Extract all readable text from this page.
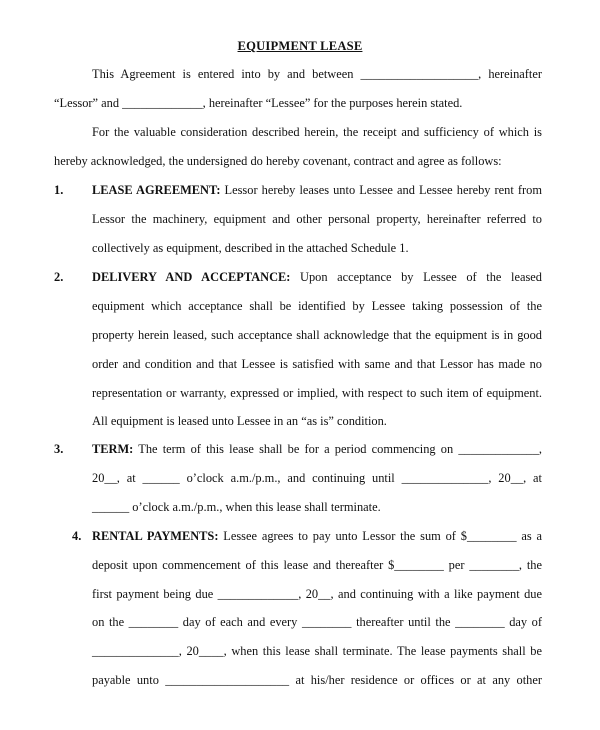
EQUIPMENT LEASE
This Agreement is entered into by and between ___________________, hereinafter
“Lessor” and _____________, hereinafter “Lessee” for the purposes herein stated.
For the valuable consideration described herein, the receipt and sufficiency of which is
hereby acknowledged, the undersigned do hereby covenant, contract and agree as follows:
1. LEASE AGREEMENT: Lessor hereby leases unto Lessee and Lessee hereby rent from
Lessor the machinery, equipment and other personal property, hereinafter referred to
collectively as equipment, described in the attached Schedule 1.
2. DELIVERY AND ACCEPTANCE: Upon acceptance by Lessee of the leased
equipment which acceptance shall be identified by Lessee taking possession of the
property herein leased, such acceptance shall acknowledge that the equipment is in good
order and condition and that Lessee is satisfied with same and that Lessor has made no
representation or warranty, expressed or implied, with respect to such item of equipment.
All equipment is leased unto Lessee in an “as is” condition.
3. TERM: The term of this lease shall be for a period commencing on _____________,
20__, at ______ o’clock a.m./p.m., and continuing until ______________, 20__, at
______ o’clock a.m./p.m., when this lease shall terminate.
4. RENTAL PAYMENTS: Lessee agrees to pay unto Lessor the sum of $________ as a
deposit upon commencement of this lease and thereafter $________ per ________, the
first payment being due _____________, 20__, and continuing with a like payment due
on the ________ day of each and every ________ thereafter until the ________ day of
______________, 20____, when this lease shall terminate. The lease payments shall be
payable unto ____________________ at his/her residence or offices or at any other
